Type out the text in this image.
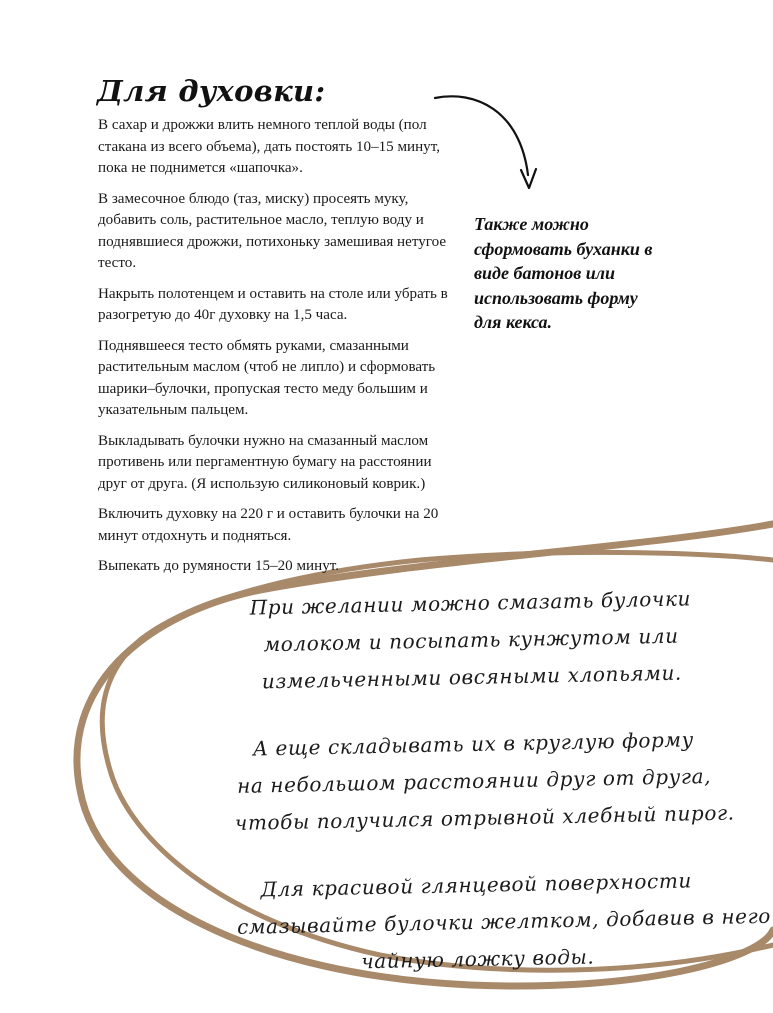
Для духовки:

В сахар и дрожжи влить немного теплой воды (пол стакана из всего объема), дать постоять 10–15 минут, пока не поднимется «шапочка».

В замесочное блюдо (таз, миску) просеять муку, добавить соль, растительное масло, теплую воду и поднявшиеся дрожжи, потихоньку замешивая нетугое тесто.

Накрыть полотенцем и оставить на столе или убрать в разогретую до 40г духовку на 1,5 часа.

Поднявшееся тесто обмять руками, смазанными растительным маслом (чтоб не липло) и сформовать шарики–булочки, пропуская тесто меду большим и указательным пальцем.

Выкладывать булочки нужно на смазанный маслом противень или пергаментную бумагу на расстоянии друг от друга. (Я использую силиконовый коврик.)

Включить духовку на 220 г и оставить булочки на 20 минут отдохнуть и подняться.

Выпекать до румяности 15–20 минут.

Также можно сформовать буханки в виде батонов или использовать форму для кекса.

При желании можно смазать булочки
молоком и посыпать кунжутом или
измельченными овсяными хлопьями.

А еще складывать их в круглую форму
на небольшом расстоянии друг от друга,
чтобы получился отрывной хлебный пирог.

Для красивой глянцевой поверхности
смазывайте булочки желтком, добавив в него
чайную ложку воды.
